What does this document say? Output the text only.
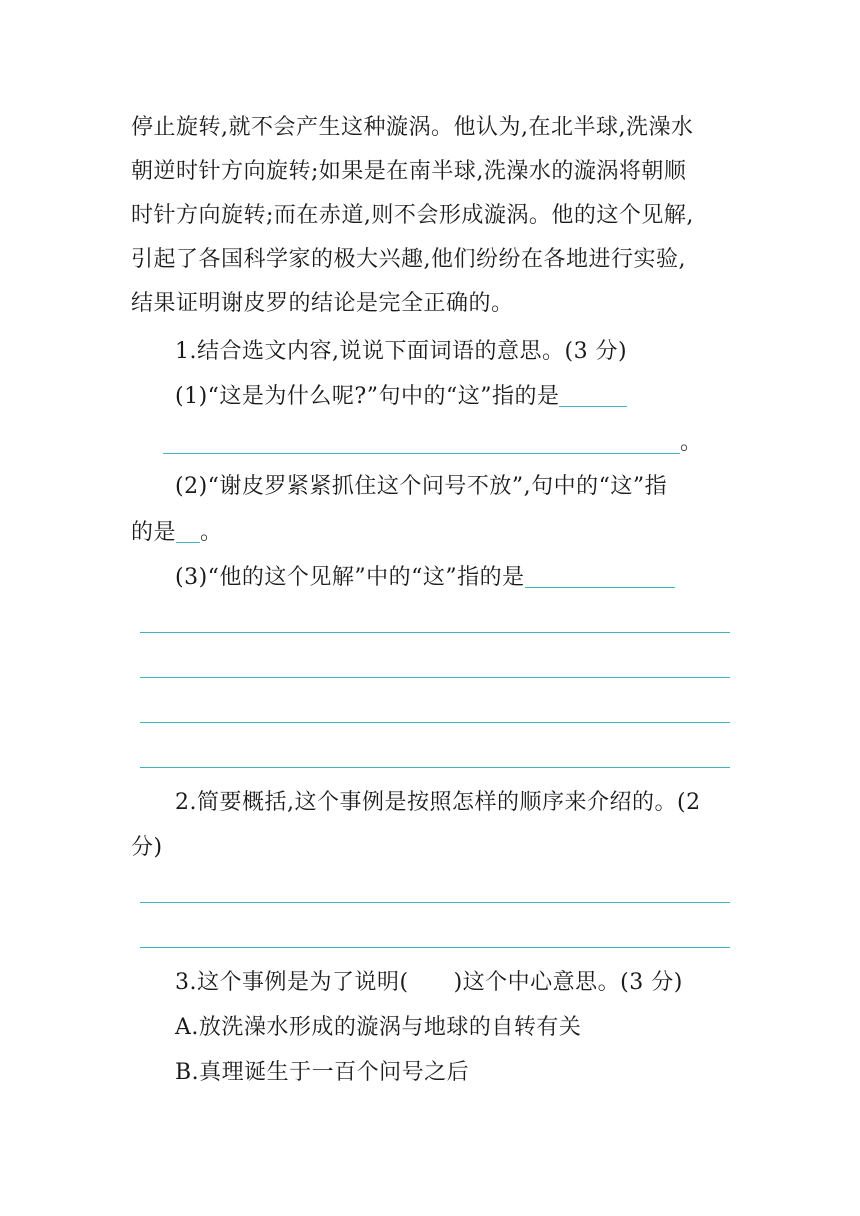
停止旋转,就不会产生这种漩涡。他认为,在北半球,洗澡水
朝逆时针方向旋转;如果是在南半球,洗澡水的漩涡将朝顺
时针方向旋转;而在赤道,则不会形成漩涡。他的这个见解,
引起了各国科学家的极大兴趣,他们纷纷在各地进行实验,
结果证明谢皮罗的结论是完全正确的。
1.结合选文内容,说说下面词语的意思。(3 分)
(1)“这是为什么呢?”句中的“这”指的是
。
(2)“谢皮罗紧紧抓住这个问号不放”,句中的“这”指
的是 。
(3)“他的这个见解”中的“这”指的是
2.简要概括,这个事例是按照怎样的顺序来介绍的。(2
分)
3.这个事例是为了说明(　　)这个中心意思。(3 分)
A.放洗澡水形成的漩涡与地球的自转有关
B.真理诞生于一百个问号之后
